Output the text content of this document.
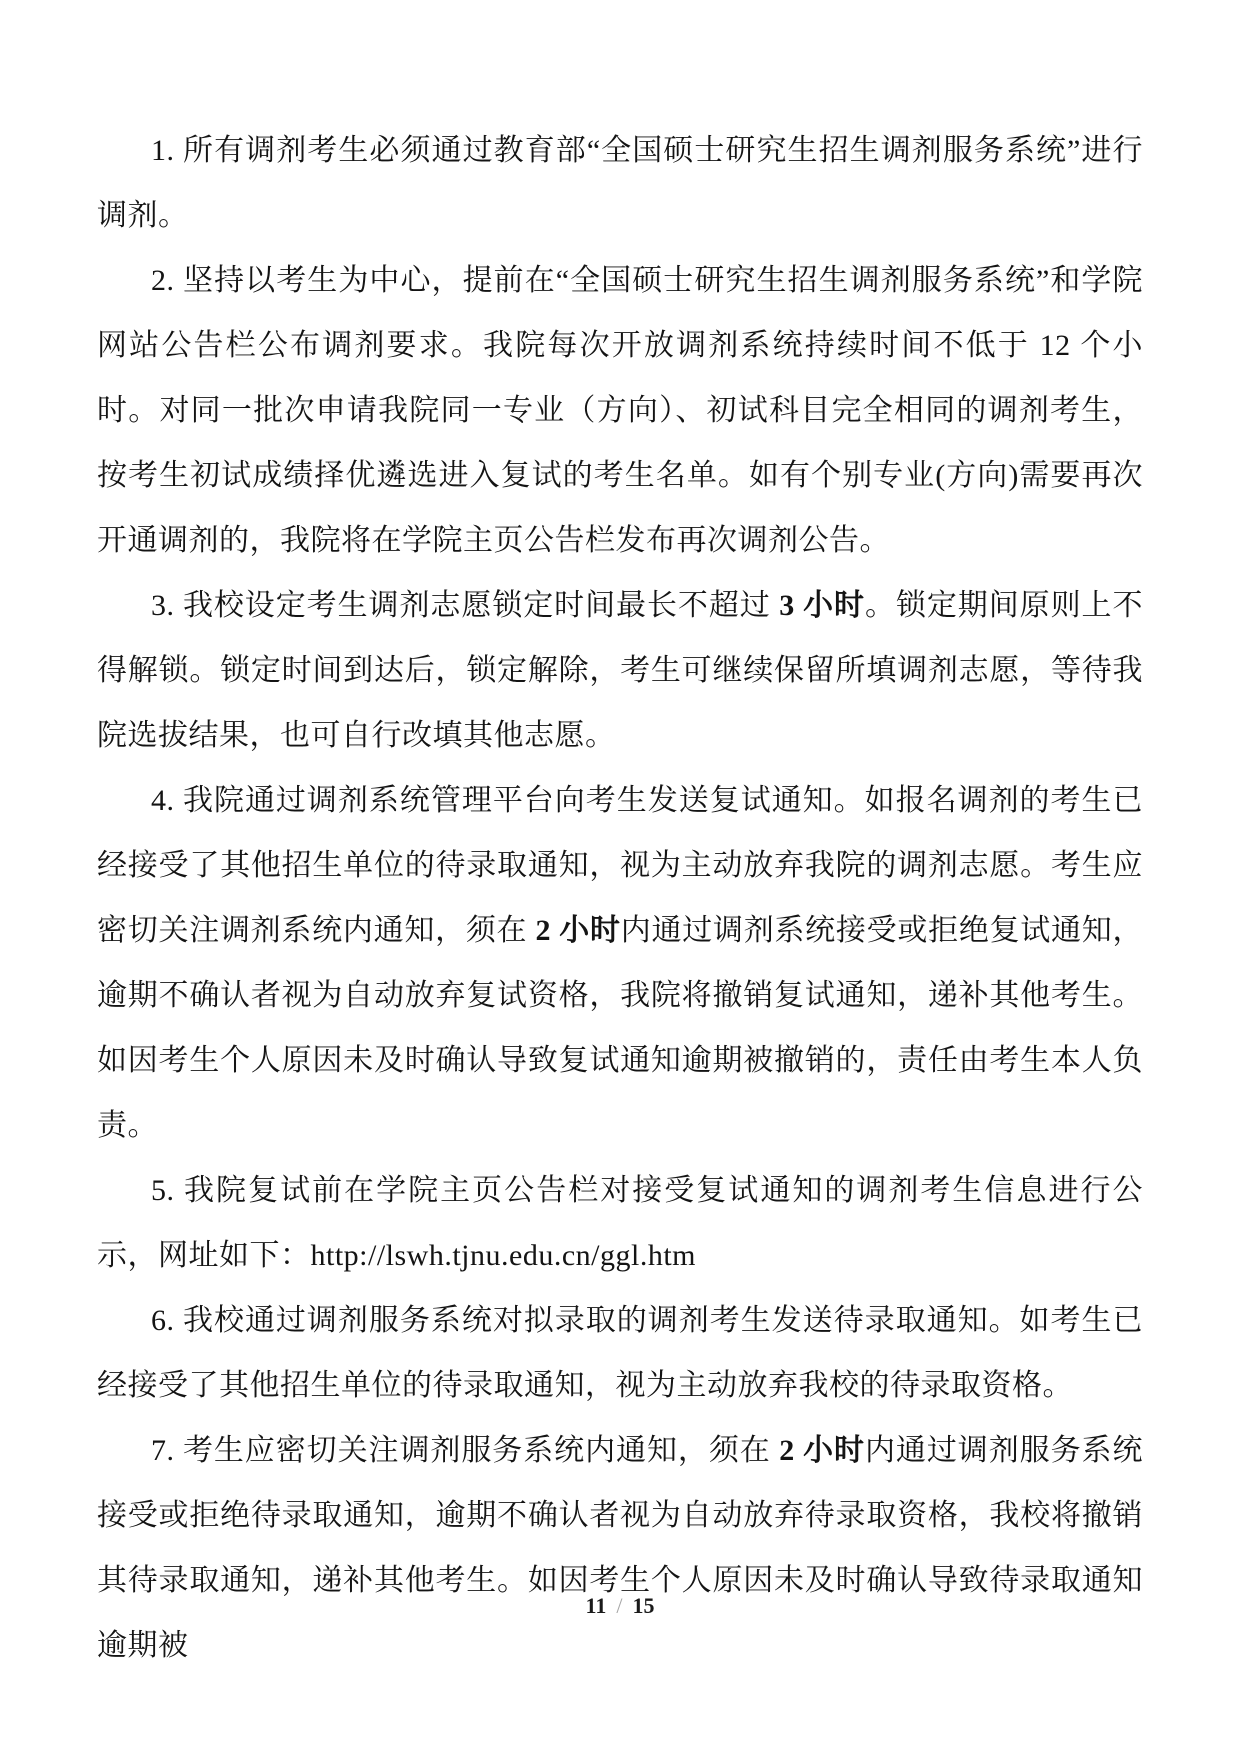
1. 所有调剂考生必须通过教育部“全国硕士研究生招生调剂服务系统”进行调剂。

2. 坚持以考生为中心，提前在“全国硕士研究生招生调剂服务系统”和学院网站公告栏公布调剂要求。我院每次开放调剂系统持续时间不低于 12 个小时。对同一批次申请我院同一专业（方向）、初试科目完全相同的调剂考生，按考生初试成绩择优遴选进入复试的考生名单。如有个别专业(方向)需要再次开通调剂的，我院将在学院主页公告栏发布再次调剂公告。

3. 我校设定考生调剂志愿锁定时间最长不超过 3 小时。锁定期间原则上不得解锁。锁定时间到达后，锁定解除，考生可继续保留所填调剂志愿，等待我院选拔结果，也可自行改填其他志愿。

4. 我院通过调剂系统管理平台向考生发送复试通知。如报名调剂的考生已经接受了其他招生单位的待录取通知，视为主动放弃我院的调剂志愿。考生应密切关注调剂系统内通知，须在 2 小时内通过调剂系统接受或拒绝复试通知，逾期不确认者视为自动放弃复试资格，我院将撤销复试通知，递补其他考生。如因考生个人原因未及时确认导致复试通知逾期被撤销的，责任由考生本人负责。

5. 我院复试前在学院主页公告栏对接受复试通知的调剂考生信息进行公示，网址如下：http://lswh.tjnu.edu.cn/ggl.htm

6. 我校通过调剂服务系统对拟录取的调剂考生发送待录取通知。如考生已经接受了其他招生单位的待录取通知，视为主动放弃我校的待录取资格。

7. 考生应密切关注调剂服务系统内通知，须在 2 小时内通过调剂服务系统接受或拒绝待录取通知，逾期不确认者视为自动放弃待录取资格，我校将撤销其待录取通知，递补其他考生。如因考生个人原因未及时确认导致待录取通知逾期被

11 / 15
